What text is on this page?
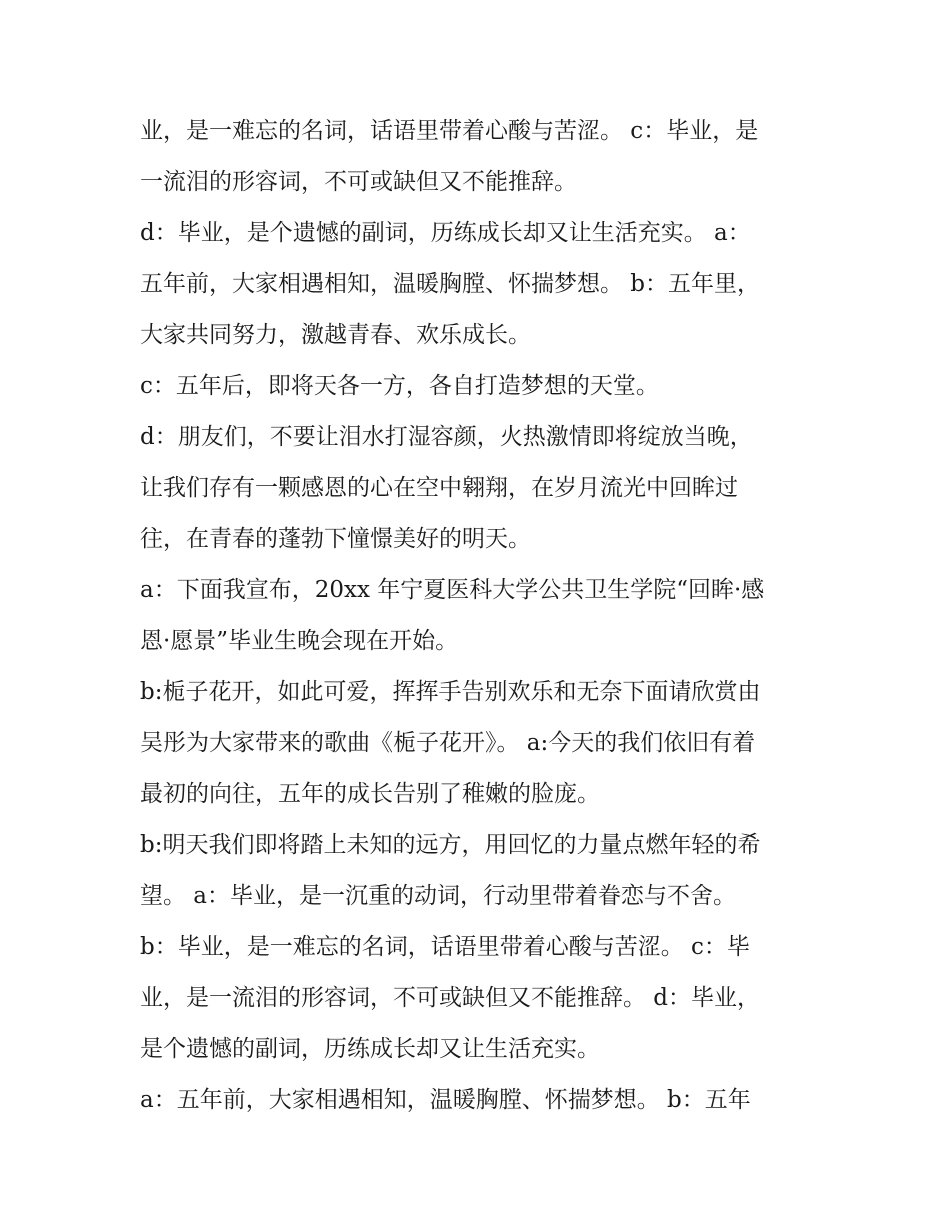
业，是一难忘的名词，话语里带着心酸与苦涩。 c：毕业，是
一流泪的形容词，不可或缺但又不能推辞。
d：毕业，是个遗憾的副词，历练成长却又让生活充实。 a：
五年前，大家相遇相知，温暖胸膛、怀揣梦想。 b：五年里，
大家共同努力，激越青春、欢乐成长。
c：五年后，即将天各一方，各自打造梦想的天堂。
d：朋友们，不要让泪水打湿容颜，火热激情即将绽放当晚，
让我们存有一颗感恩的心在空中翱翔，在岁月流光中回眸过
往，在青春的蓬勃下憧憬美好的明天。
a：下面我宣布，20xx 年宁夏医科大学公共卫生学院“回眸·感
恩·愿景”毕业生晚会现在开始。
b:栀子花开，如此可爱，挥挥手告别欢乐和无奈下面请欣赏由
吴彤为大家带来的歌曲《栀子花开》。 a:今天的我们依旧有着
最初的向往，五年的成长告别了稚嫩的脸庞。
b:明天我们即将踏上未知的远方，用回忆的力量点燃年轻的希
望。 a：毕业，是一沉重的动词，行动里带着眷恋与不舍。
b：毕业，是一难忘的名词，话语里带着心酸与苦涩。 c：毕
业，是一流泪的形容词，不可或缺但又不能推辞。 d：毕业，
是个遗憾的副词，历练成长却又让生活充实。
a：五年前，大家相遇相知，温暖胸膛、怀揣梦想。 b：五年
